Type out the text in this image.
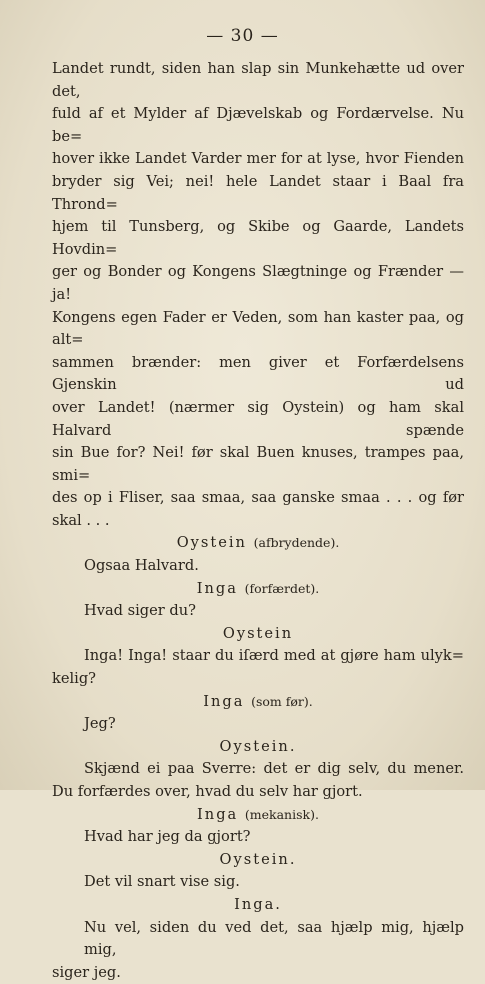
— 30 —
Landet rundt, siden han slap sin Munkehætte ud over det,
fuld af et Mylder af Djævelskab og Fordærvelse. Nu be=
hover ikke Landet Varder mer for at lyse, hvor Fienden
bryder sig Vei; nei! hele Landet staar i Baal fra Thrond=
hjem til Tunsberg, og Skibe og Gaarde, Landets Hovdin=
ger og Bonder og Kongens Slægtninge og Frænder — ja!
Kongens egen Fader er Veden, som han kaster paa, og alt=
sammen brænder: men giver et Forfærdelsens Gjenskin ud
over Landet! (nærmer sig Oystein) og ham skal Halvard spænde
sin Bue for? Nei! før skal Buen knuses, trampes paa, smi=
des op i Fliser, saa smaa, saa ganske smaa . . . og før
skal . . .
Oystein (afbrydende).
Ogsaa Halvard.
Inga (forfærdet).
Hvad siger du?
Oystein
Inga! Inga! staar du iſærd med at gjøre ham ulyk=
kelig?
Inga (som før).
Jeg?
Oystein.
Skjænd ei paa Sverre: det er dig selv, du mener.
Du forfærdes over, hvad du selv har gjort.
Inga (mekanisk).
Hvad har jeg da gjort?
Oystein.
Det vil snart vise sig.
Inga.
Nu vel, siden du ved det, saa hjælp mig, hjælp mig,
siger jeg.
